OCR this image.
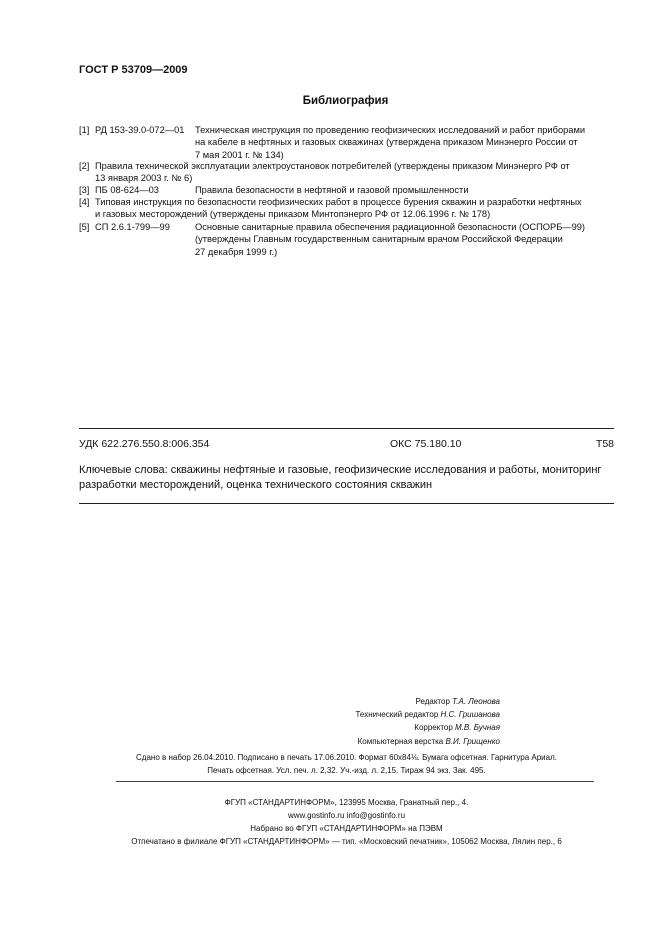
ГОСТ Р 53709—2009
Библиография
[1] РД 153-39.0-072—01 Техническая инструкция по проведению геофизических исследований и работ приборами
на кабеле в нефтяных и газовых скважинах (утверждена приказом Минэнерго России от
7 мая 2001 г. № 134)
[2] Правила технической эксплуатации электроустановок потребителей (утверждены приказом Минэнерго РФ от
13 января 2003 г. № 6)
[3] ПБ 08-624—03	Правила безопасности в нефтяной и газовой промышленности
[4] Типовая инструкция по безопасности геофизических работ в процессе бурения скважин и разработки нефтяных
и газовых месторождений (утверждены приказом Минтопэнерго РФ от 12.06.1996 г. № 178)
[5] СП 2.6.1-799—99	Основные санитарные правила обеспечения радиационной безопасности (ОСПОРБ—99)
(утверждены Главным государственным санитарным врачом Российской Федерации
27 декабря 1999 г.)
УДК 622.276.550.8:006.354	ОКС 75.180.10	Т58
Ключевые слова: скважины нефтяные и газовые, геофизические исследования и работы, мониторинг
разработки месторождений, оценка технического состояния скважин
Редактор Т.А. Леонова
Технический редактор Н.С. Гришанова
Корректор М.В. Бучная
Компьютерная верстка В.И. Грищенко
Сдано в набор 26.04.2010. Подписано в печать 17.06.2010. Формат 60x84⅛. Бумага офсетная. Гарнитура Ариал.
Печать офсетная. Усл. печ. л. 2,32. Уч.-изд. л. 2,15. Тираж 94 экз. Зак. 495.
ФГУП «СТАНДАРТИНФОРМ», 123995 Москва, Гранатный пер., 4.
www.gostinfo.ru info@gostinfo.ru
Набрано во ФГУП «СТАНДАРТИНФОРМ» на ПЭВМ
Отпечатано в филиале ФГУП «СТАНДАРТИНФОРМ» — тип. «Московский печатник», 105062 Москва, Лялин пер., 6
